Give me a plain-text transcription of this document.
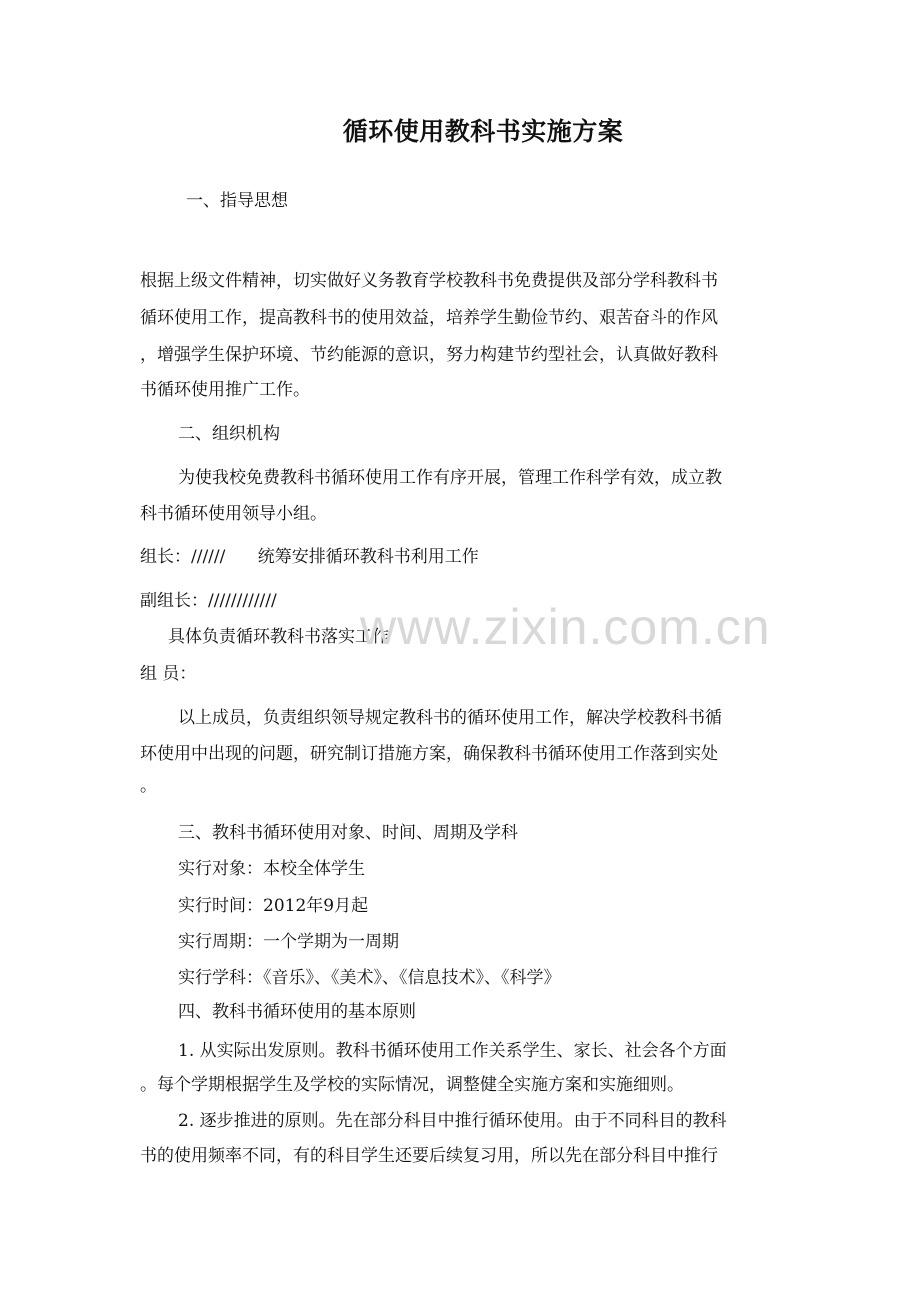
循环使用教科书实施方案
一、指导思想
根据上级文件精神，切实做好义务教育学校教科书免费提供及部分学科教科书
循环使用工作，提高教科书的使用效益，培养学生勤俭节约、艰苦奋斗的作风
，增强学生保护环境、节约能源的意识，努力构建节约型社会，认真做好教科
书循环使用推广工作。
二、组织机构
为使我校免费教科书循环使用工作有序开展，管理工作科学有效，成立教
科书循环使用领导小组。
组长：//////      统筹安排循环教科书利用工作
副组长：////////////
具体负责循环教科书落实工作
组 员：
以上成员，负责组织领导规定教科书的循环使用工作，解决学校教科书循
环使用中出现的问题，研究制订措施方案，确保教科书循环使用工作落到实处
。
三、教科书循环使用对象、时间、周期及学科
实行对象：本校全体学生
实行时间：2012年9月起
实行周期：一个学期为一周期
实行学科：《音乐》、《美术》、《信息技术》、《科学》
四、教科书循环使用的基本原则
1. 从实际出发原则。教科书循环使用工作关系学生、家长、社会各个方面
。每个学期根据学生及学校的实际情况，调整健全实施方案和实施细则。
2. 逐步推进的原则。先在部分科目中推行循环使用。由于不同科目的教科
书的使用频率不同，有的科目学生还要后续复习用，所以先在部分科目中推行
www.zixin.com.cn
